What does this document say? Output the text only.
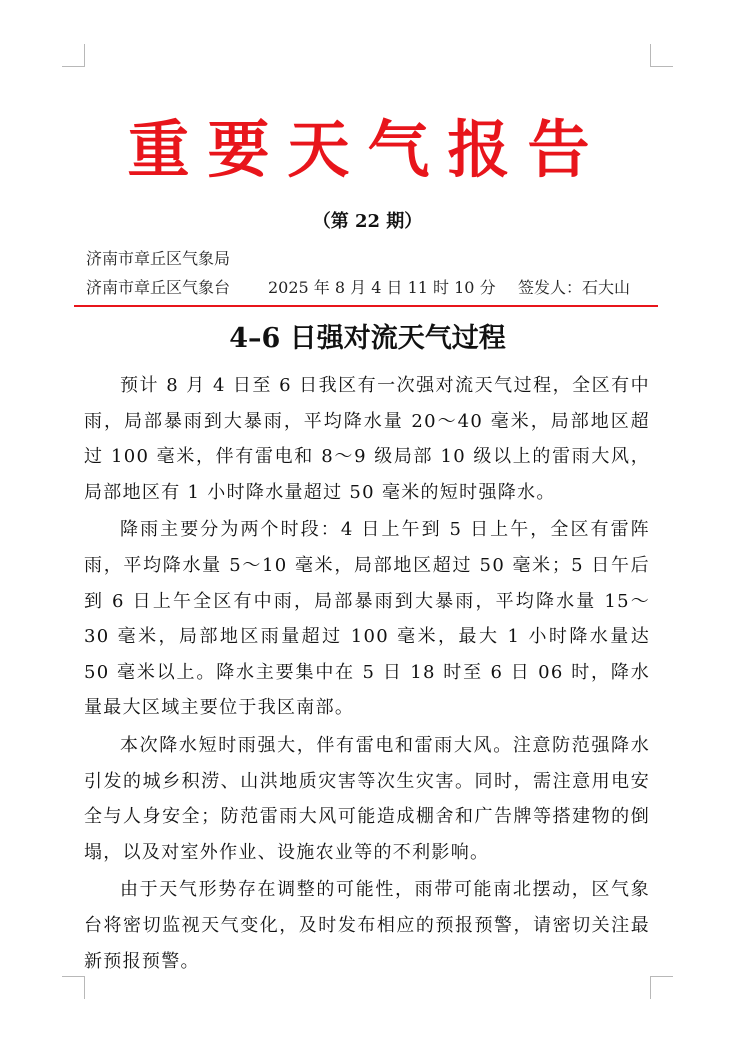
重要天气报告
（第 22 期）
济南市章丘区气象局
济南市章丘区气象台 2025 年 8 月 4 日 11 时 10 分 签发人：石大山
4–6 日强对流天气过程

预计 8 月 4 日至 6 日我区有一次强对流天气过程，全区有中雨，局部暴雨到大暴雨，平均降水量 20～40 毫米，局部地区超过 100 毫米，伴有雷电和 8～9 级局部 10 级以上的雷雨大风，局部地区有 1 小时降水量超过 50 毫米的短时强降水。

降雨主要分为两个时段：4 日上午到 5 日上午，全区有雷阵雨，平均降水量 5～10 毫米，局部地区超过 50 毫米；5 日午后到 6 日上午全区有中雨，局部暴雨到大暴雨，平均降水量 15～30 毫米，局部地区雨量超过 100 毫米，最大 1 小时降水量达 50 毫米以上。降水主要集中在 5 日 18 时至 6 日 06 时，降水量最大区域主要位于我区南部。

本次降水短时雨强大，伴有雷电和雷雨大风。注意防范强降水引发的城乡积涝、山洪地质灾害等次生灾害。同时，需注意用电安全与人身安全；防范雷雨大风可能造成棚舍和广告牌等搭建物的倒塌，以及对室外作业、设施农业等的不利影响。

由于天气形势存在调整的可能性，雨带可能南北摆动，区气象台将密切监视天气变化，及时发布相应的预报预警，请密切关注最新预报预警。
